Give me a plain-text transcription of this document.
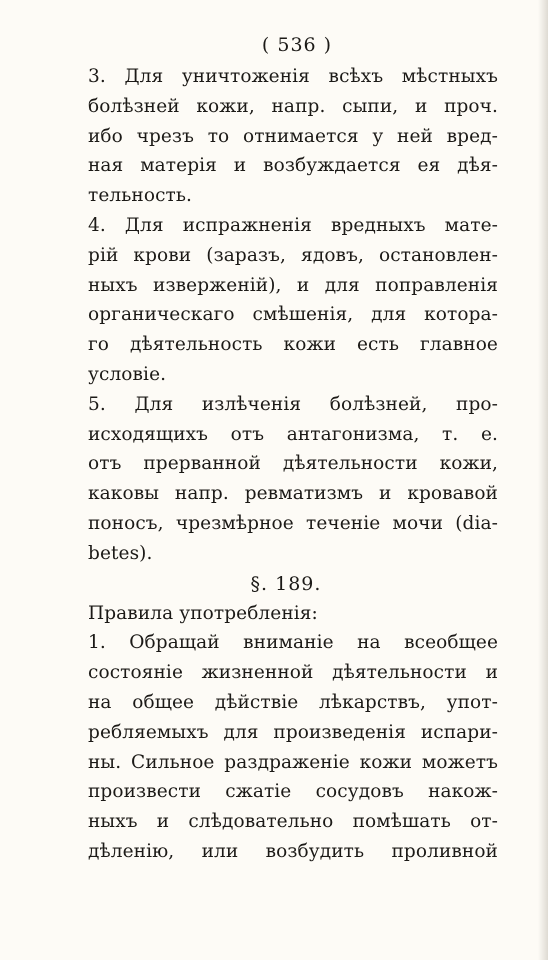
( 536 )
3. Для уничтоженія всѣхъ мѣстныхъ
болѣзней кожи, напр. сыпи, и проч.
ибо чрезъ то отнимается у ней вред-
ная матерія и возбуждается ея дѣя-
тельность.
4. Для испражненія вредныхъ мате-
рій крови (заразъ, ядовъ, остановлен-
ныхъ изверженій), и для поправленія
органическаго смѣшенія, для которa-
го дѣятельность кожи есть главное
условіе.
5. Для излѣченія болѣзней, про-
исходящихъ отъ антагонизма, т. е.
отъ прерванной дѣятельности кожи,
каковы напр. ревматизмъ и кровавой
поносъ, чрезмѣрное теченіе мочи (dia-
betes).
§. 189.
Правила употребленія:
1. Обращай вниманіе на всеобщее
состояніе жизненной дѣятельности и
на общее дѣйствіе лѣкарствъ, упот-
ребляемыхъ для произведенія испари-
ны. Сильное раздраженіе кожи можетъ
произвести сжатіе сосудовъ накож-
ныхъ и слѣдовательно помѣшать от-
дѣленію, или возбудить проливной
